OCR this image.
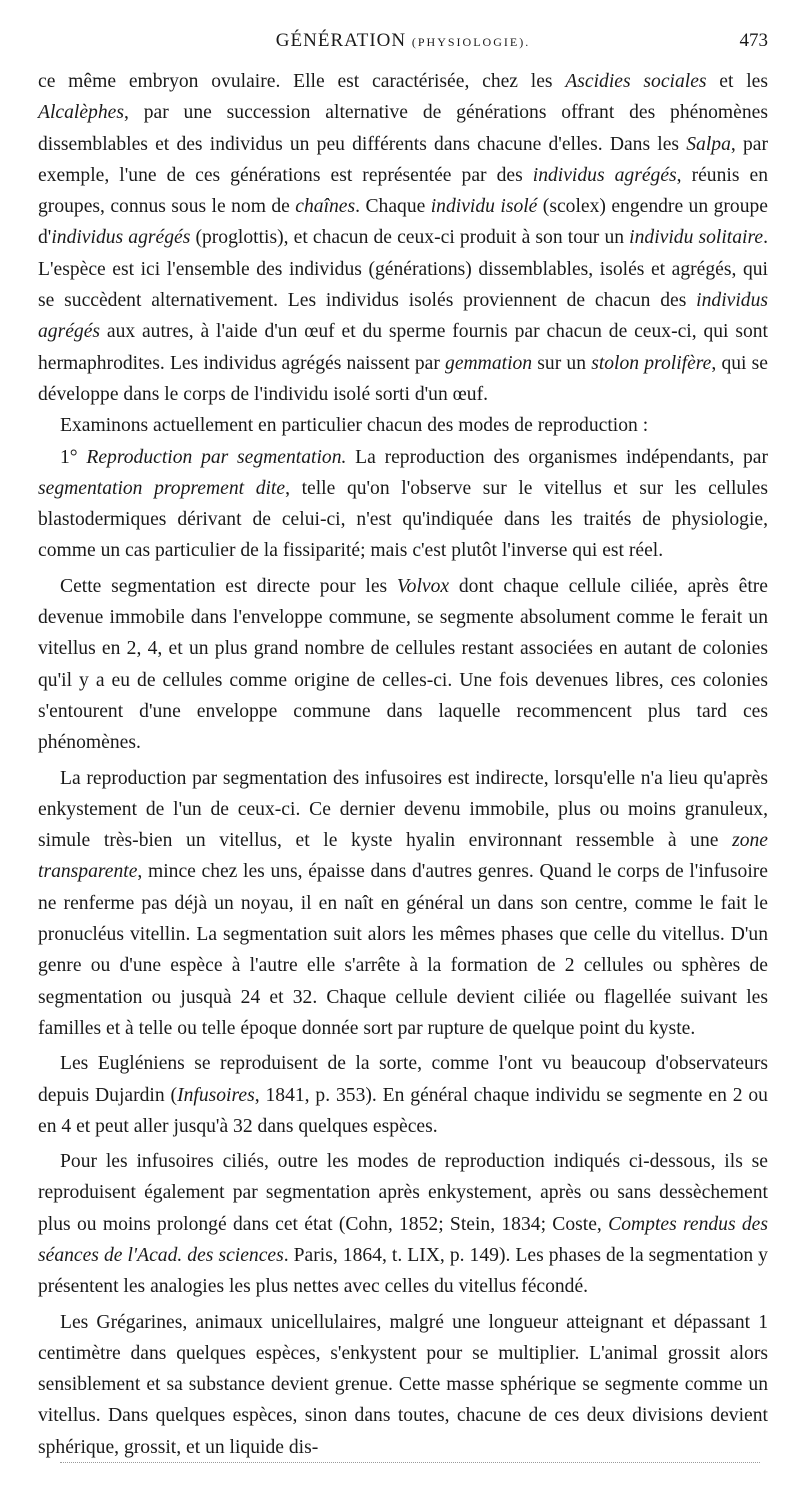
GÉNÉRATION (PHYSIOLOGIE).	473

ce même embryon ovulaire. Elle est caractérisée, chez les Ascidies sociales et les Alcalèphes, par une succession alternative de générations offrant des phénomènes dissemblables et des individus un peu différents dans chacune d'elles. Dans les Salpa, par exemple, l'une de ces générations est représentée par des individus agrégés, réunis en groupes, connus sous le nom de chaînes. Chaque individu isolé (scolex) engendre un groupe d'individus agrégés (proglottis), et chacun de ceux-ci produit à son tour un individu solitaire. L'espèce est ici l'ensemble des individus (générations) dissemblables, isolés et agrégés, qui se succèdent alternativement. Les individus isolés proviennent de chacun des individus agrégés aux autres, à l'aide d'un œuf et du sperme fournis par chacun de ceux-ci, qui sont hermaphrodites. Les individus agrégés naissent par gemmation sur un stolon prolifère, qui se développe dans le corps de l'individu isolé sorti d'un œuf.

Examinons actuellement en particulier chacun des modes de reproduction :

1° Reproduction par segmentation. La reproduction des organismes indépendants, par segmentation proprement dite, telle qu'on l'observe sur le vitellus et sur les cellules blastodermiques dérivant de celui-ci, n'est qu'indiquée dans les traités de physiologie, comme un cas particulier de la fissiparité; mais c'est plutôt l'inverse qui est réel.

Cette segmentation est directe pour les Volvox dont chaque cellule ciliée, après être devenue immobile dans l'enveloppe commune, se segmente absolument comme le ferait un vitellus en 2, 4, et un plus grand nombre de cellules restant associées en autant de colonies qu'il y a eu de cellules comme origine de celles-ci. Une fois devenues libres, ces colonies s'entourent d'une enveloppe commune dans laquelle recommencent plus tard ces phénomènes.

La reproduction par segmentation des infusoires est indirecte, lorsqu'elle n'a lieu qu'après enkystement de l'un de ceux-ci. Ce dernier devenu immobile, plus ou moins granuleux, simule très-bien un vitellus, et le kyste hyalin environnant ressemble à une zone transparente, mince chez les uns, épaisse dans d'autres genres. Quand le corps de l'infusoire ne renferme pas déjà un noyau, il en naît en général un dans son centre, comme le fait le pronucléus vitellin. La segmentation suit alors les mêmes phases que celle du vitellus. D'un genre ou d'une espèce à l'autre elle s'arrête à la formation de 2 cellules ou sphères de segmentation ou jusquà 24 et 32. Chaque cellule devient ciliée ou flagellée suivant les familles et à telle ou telle époque donnée sort par rupture de quelque point du kyste.

Les Eugléniens se reproduisent de la sorte, comme l'ont vu beaucoup d'observateurs depuis Dujardin (Infusoires, 1841, p. 353). En général chaque individu se segmente en 2 ou en 4 et peut aller jusqu'à 32 dans quelques espèces.

Pour les infusoires ciliés, outre les modes de reproduction indiqués ci-dessous, ils se reproduisent également par segmentation après enkystement, après ou sans dessèchement plus ou moins prolongé dans cet état (Cohn, 1852; Stein, 1834; Coste, Comptes rendus des séances de l'Acad. des sciences. Paris, 1864, t. LIX, p. 149). Les phases de la segmentation y présentent les analogies les plus nettes avec celles du vitellus fécondé.

Les Grégarines, animaux unicellulaires, malgré une longueur atteignant et dépassant 1 centimètre dans quelques espèces, s'enkystent pour se multiplier. L'animal grossit alors sensiblement et sa substance devient grenue. Cette masse sphérique se segmente comme un vitellus. Dans quelques espèces, sinon dans toutes, chacune de ces deux divisions devient sphérique, grossit, et un liquide dis-
